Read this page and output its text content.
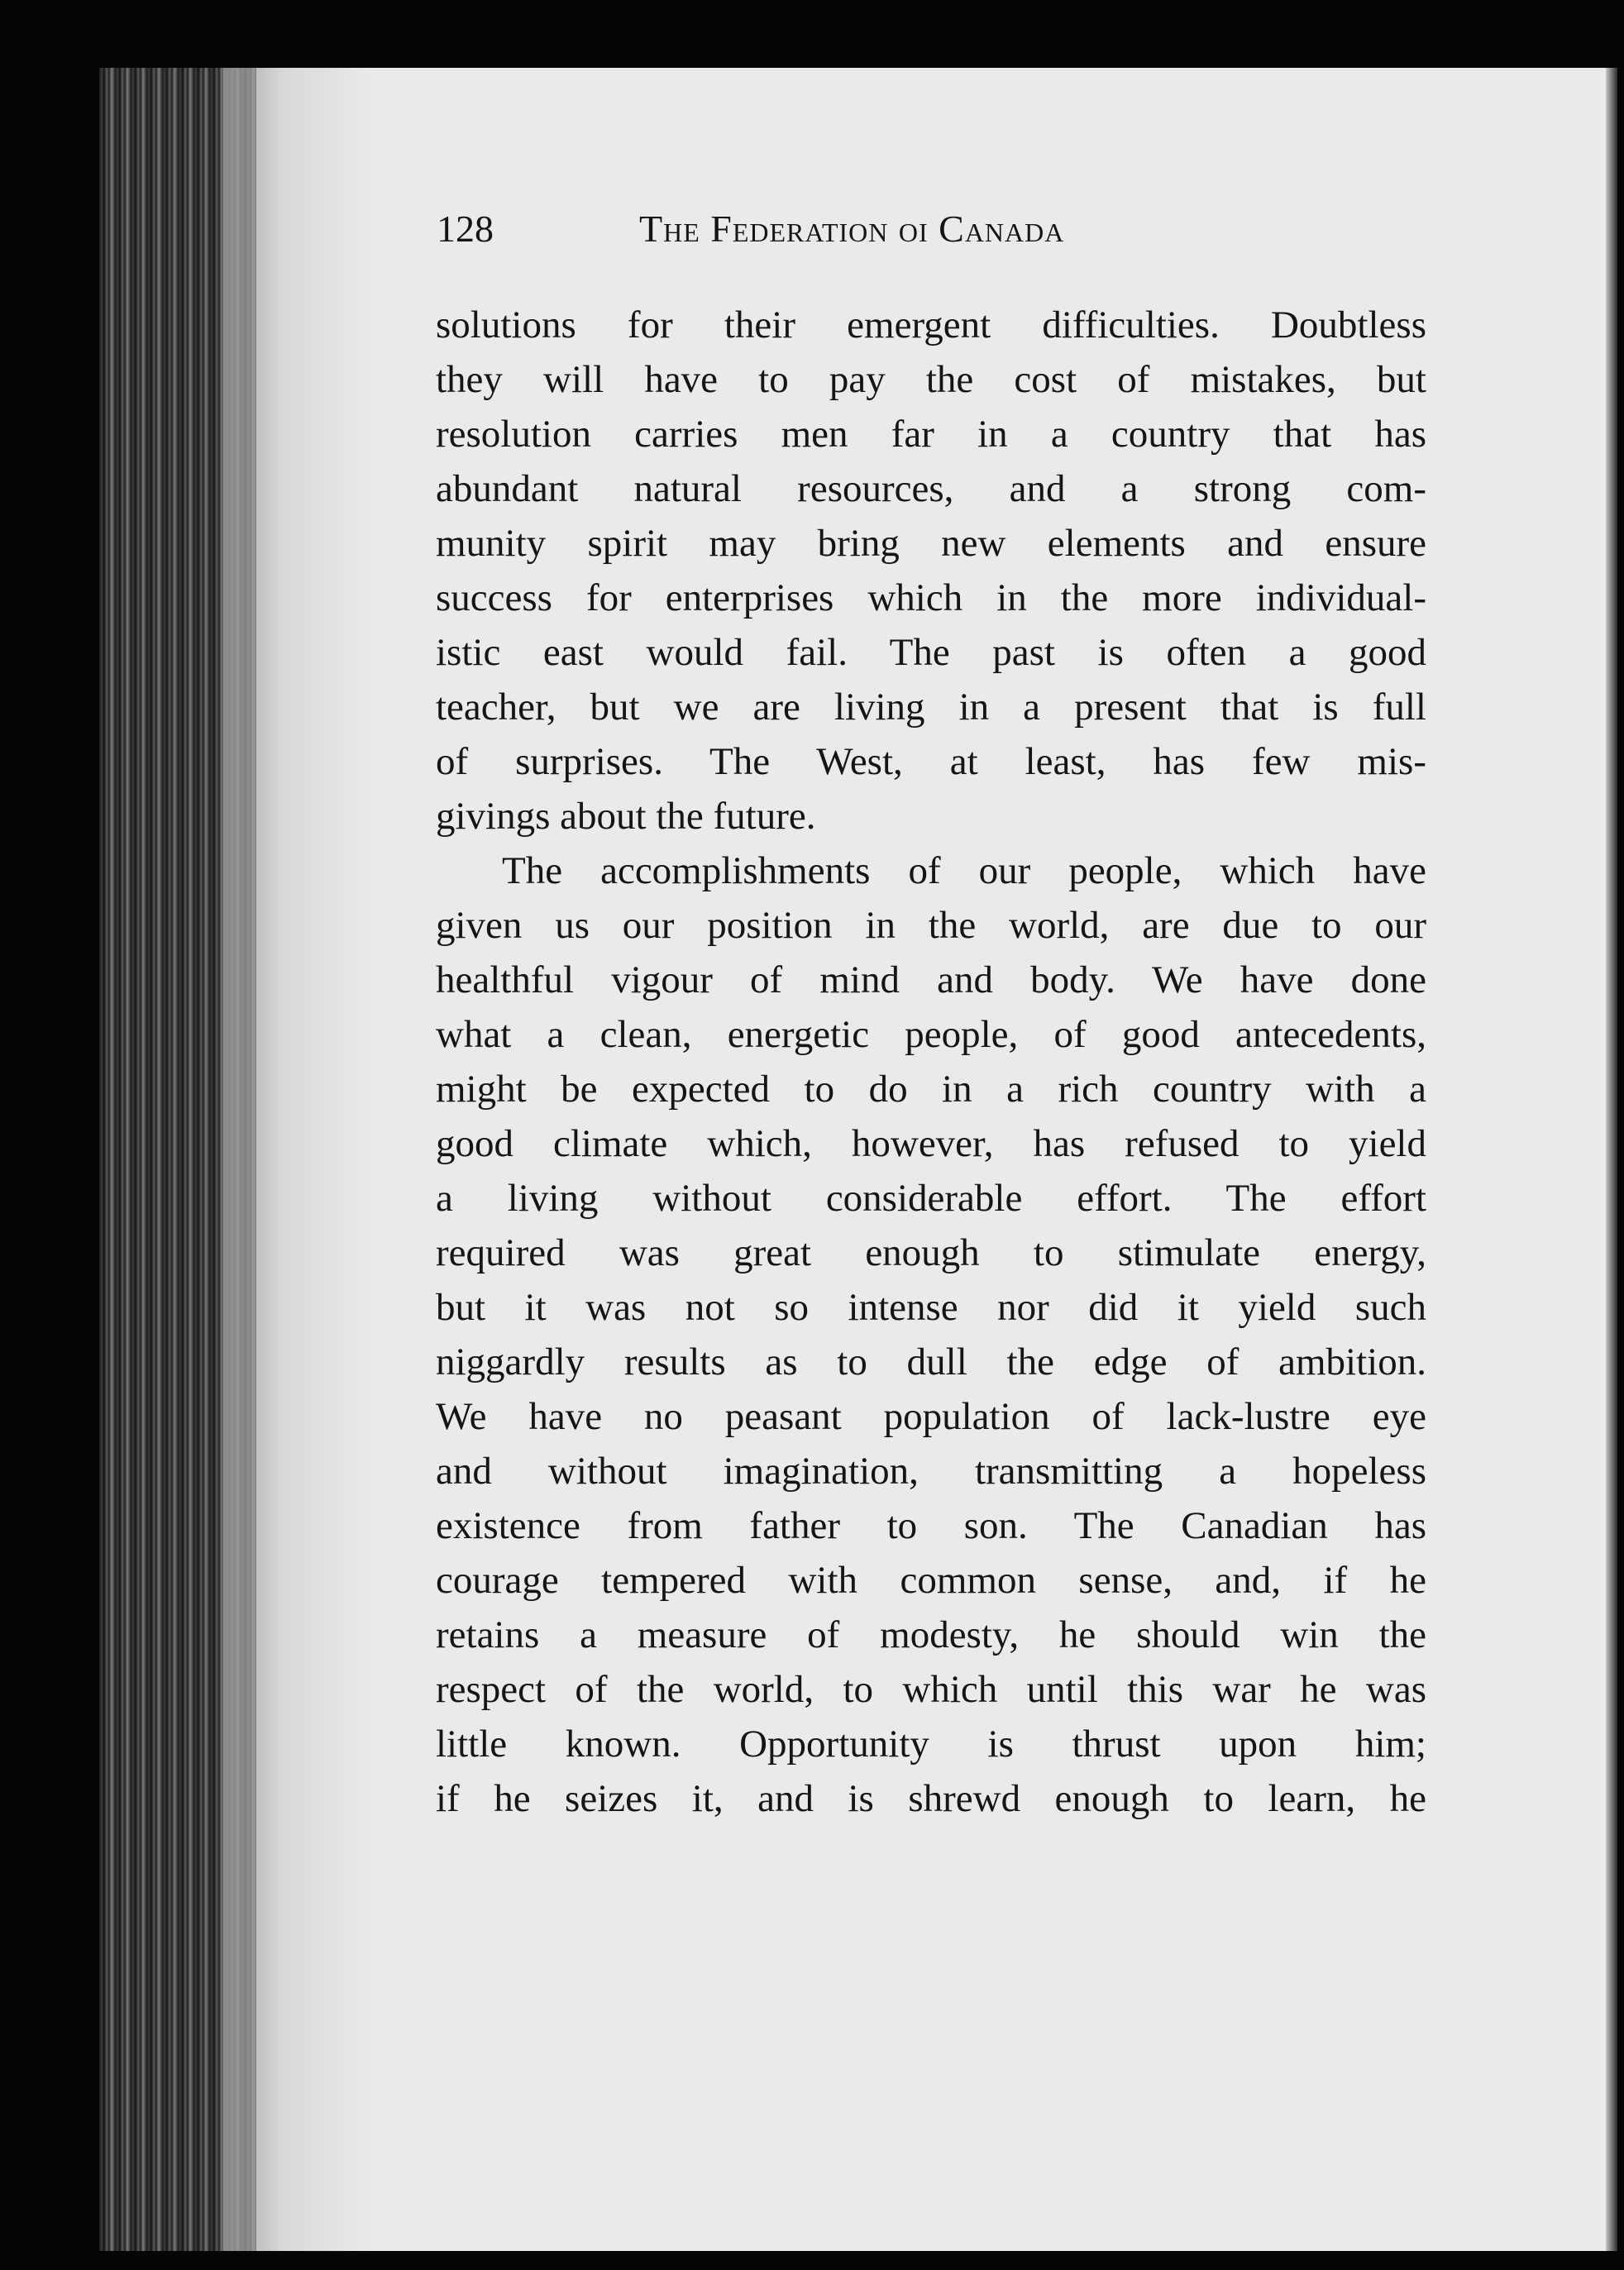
128	The Federation oi Canada
solutions for their emergent difficulties. Doubtless
they will have to pay the cost of mistakes, but
resolution carries men far in a country that has
abundant natural resources, and a strong com-
munity spirit may bring new elements and ensure
success for enterprises which in the more individual-
istic east would fail. The past is often a good
teacher, but we are living in a present that is full
of surprises. The West, at least, has few mis-
givings about the future.
The accomplishments of our people, which have
given us our position in the world, are due to our
healthful vigour of mind and body. We have done
what a clean, energetic people, of good antecedents,
might be expected to do in a rich country with a
good climate which, however, has refused to yield
a living without considerable effort. The effort
required was great enough to stimulate energy,
but it was not so intense nor did it yield such
niggardly results as to dull the edge of ambition.
We have no peasant population of lack-lustre eye
and without imagination, transmitting a hopeless
existence from father to son. The Canadian has
courage tempered with common sense, and, if he
retains a measure of modesty, he should win the
respect of the world, to which until this war he was
little known. Opportunity is thrust upon him;
if he seizes it, and is shrewd enough to learn, he
